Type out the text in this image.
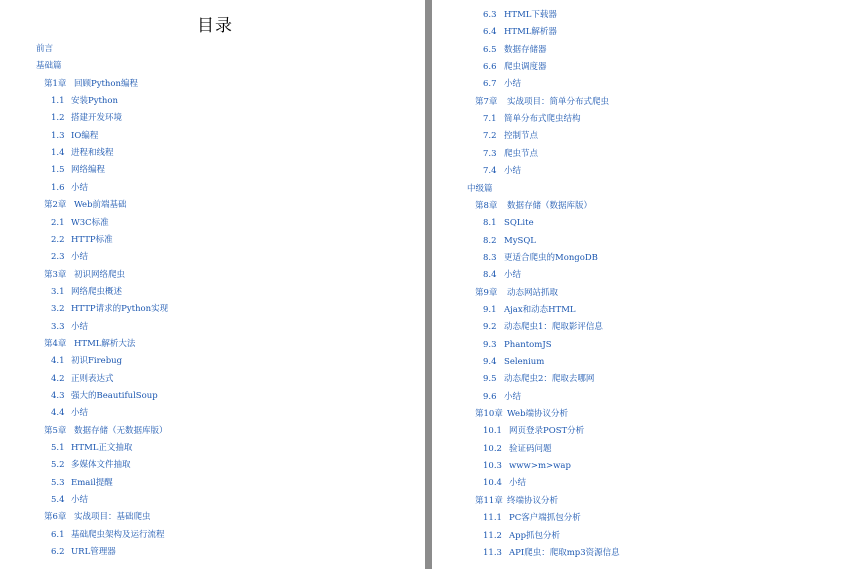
目录
前言
基础篇
第1章 回顾Python编程
1.1 安装Python
1.2 搭建开发环境
1.3 IO编程
1.4 进程和线程
1.5 网络编程
1.6 小结
第2章 Web前端基础
2.1 W3C标准
2.2 HTTP标准
2.3 小结
第3章 初识网络爬虫
3.1 网络爬虫概述
3.2 HTTP请求的Python实现
3.3 小结
第4章 HTML解析大法
4.1 初识Firebug
4.2 正则表达式
4.3 强大的BeautifulSoup
4.4 小结
第5章 数据存储（无数据库版）
5.1 HTML正文抽取
5.2 多媒体文件抽取
5.3 Email提醒
5.4 小结
第6章 实战项目：基础爬虫
6.1 基础爬虫架构及运行流程
6.2 URL管理器
6.3 HTML下载器
6.4 HTML解析器
6.5 数据存储器
6.6 爬虫调度器
6.7 小结
第7章 实战项目：简单分布式爬虫
7.1 简单分布式爬虫结构
7.2 控制节点
7.3 爬虫节点
7.4 小结
中级篇
第8章 数据存储（数据库版）
8.1 SQLite
8.2 MySQL
8.3 更适合爬虫的MongoDB
8.4 小结
第9章 动态网站抓取
9.1 Ajax和动态HTML
9.2 动态爬虫1：爬取影评信息
9.3 PhantomJS
9.4 Selenium
9.5 动态爬虫2：爬取去哪网
9.6 小结
第10章 Web端协议分析
10.1 网页登录POST分析
10.2 验证码问题
10.3 www>m>wap
10.4 小结
第11章 终端协议分析
11.1 PC客户端抓包分析
11.2 App抓包分析
11.3 API爬虫：爬取mp3资源信息
